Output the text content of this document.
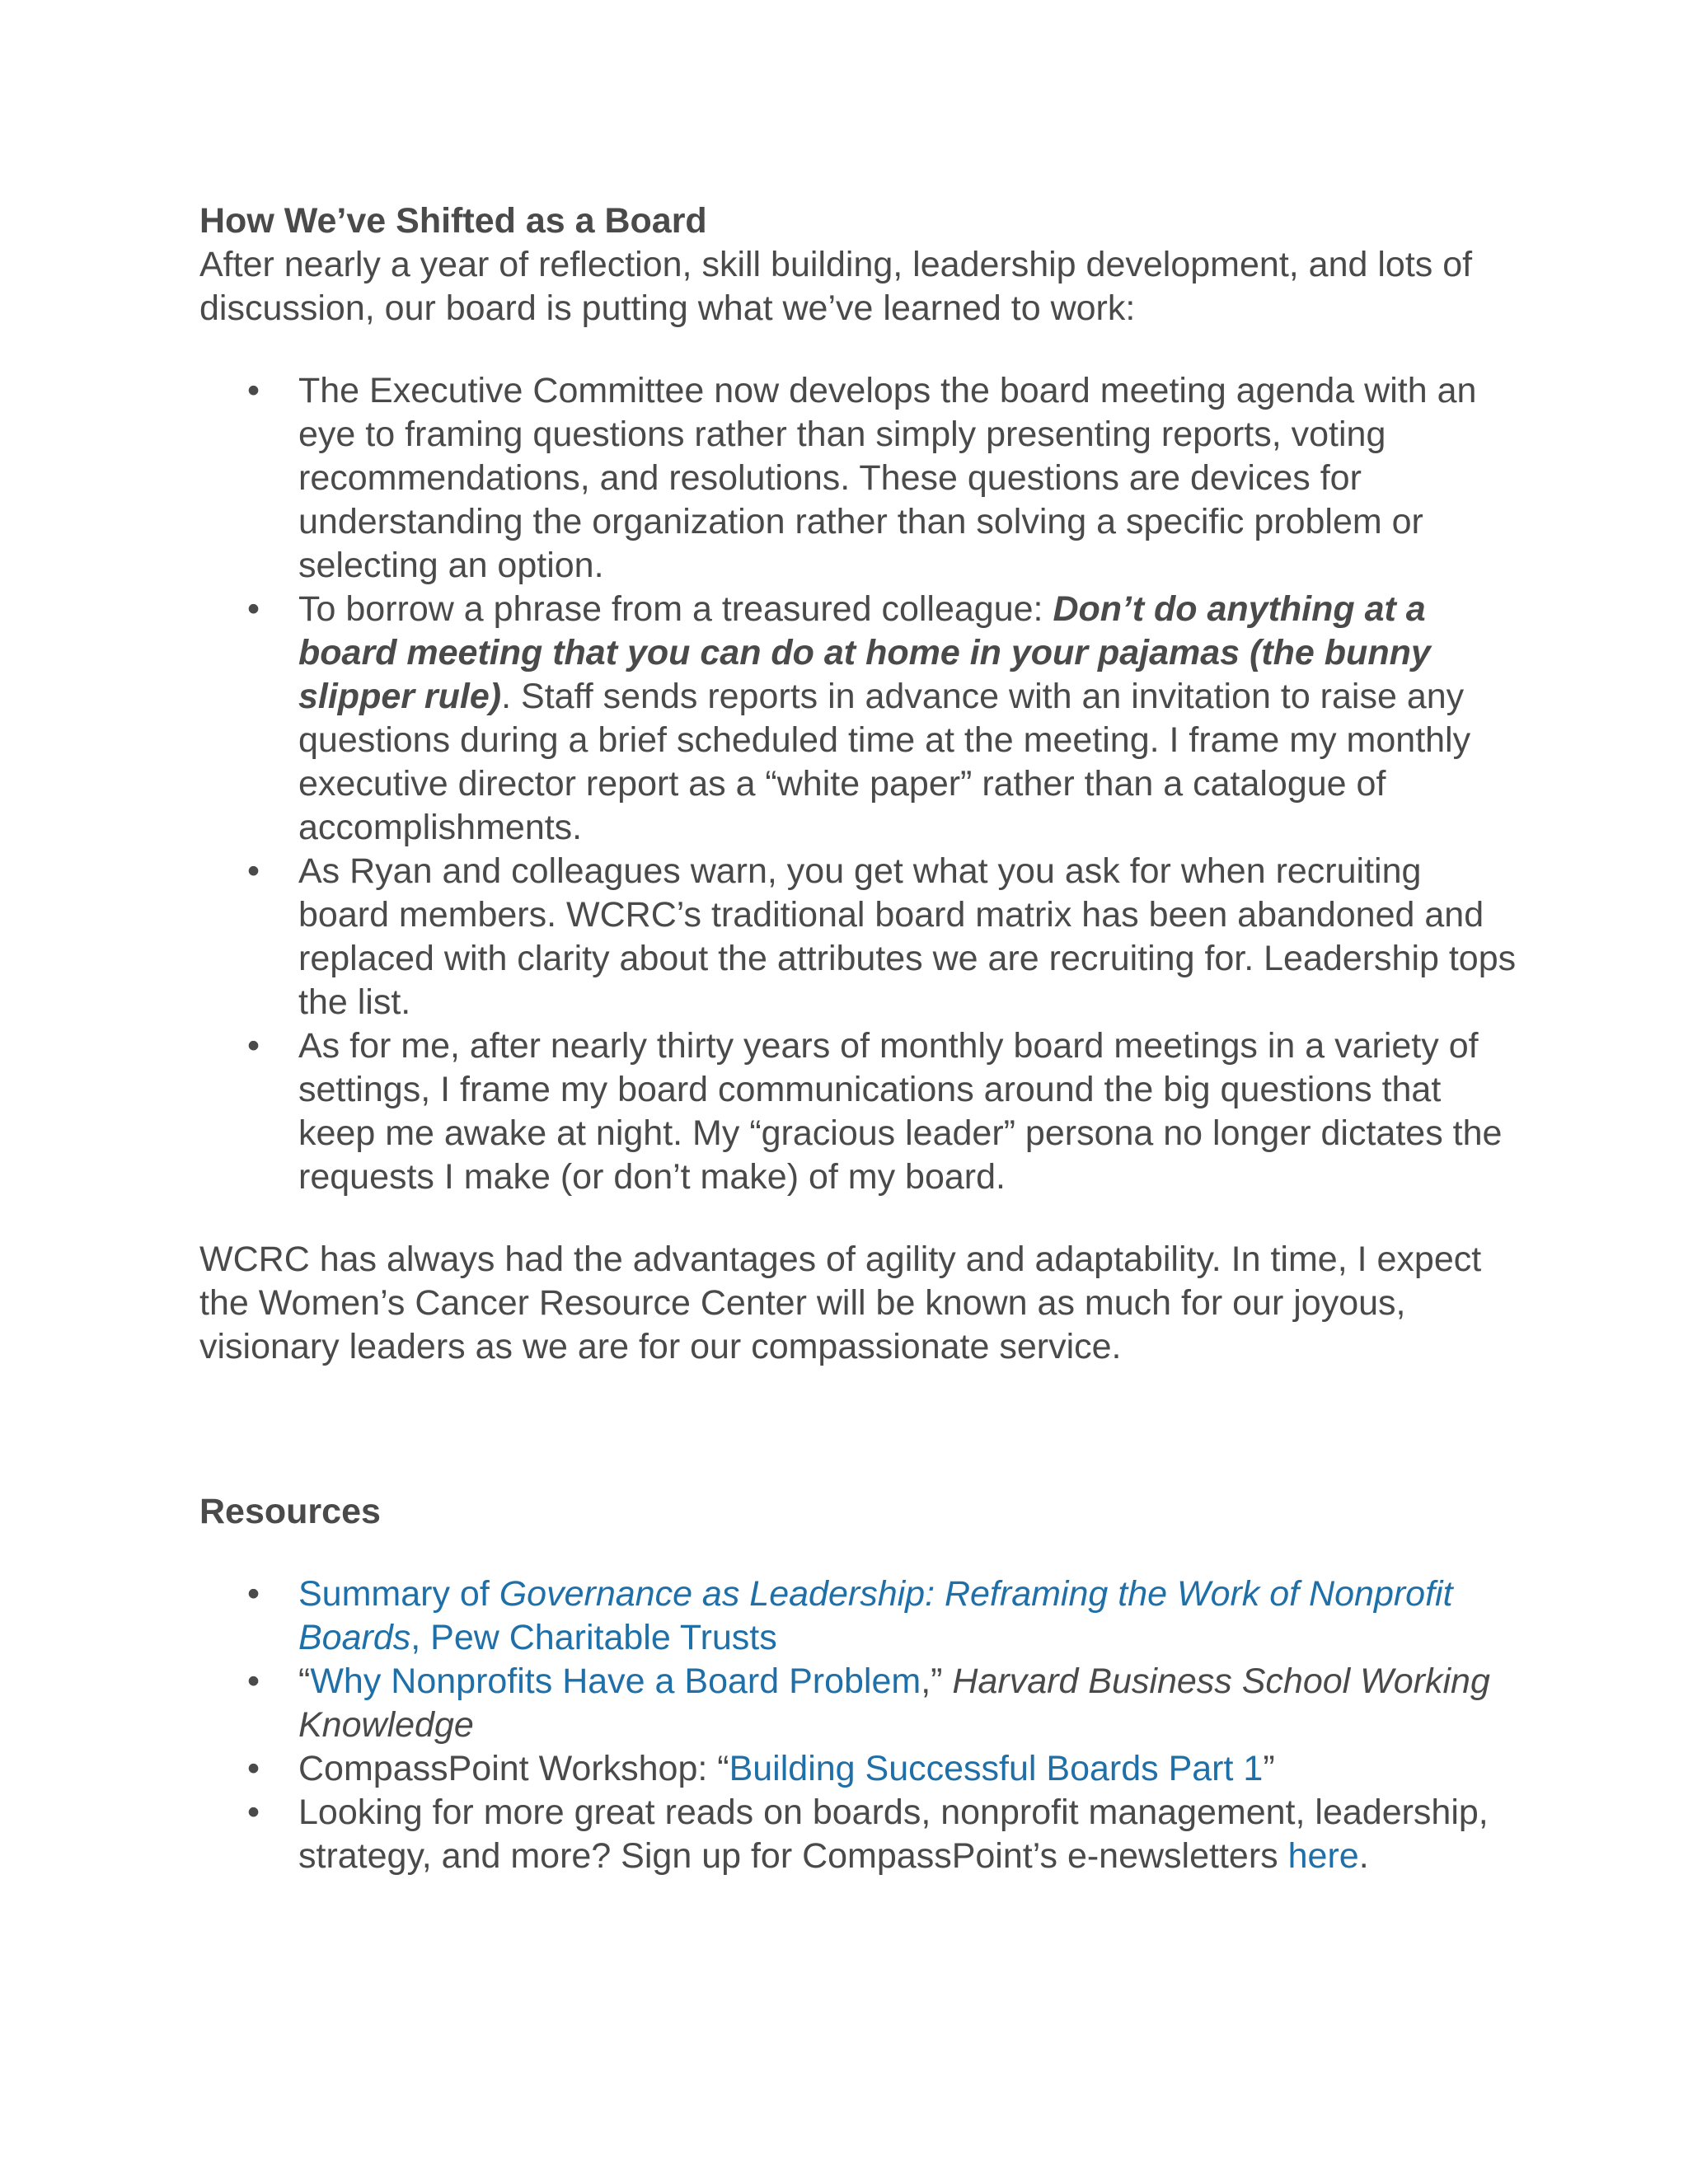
How We’ve Shifted as a Board

After nearly a year of reflection, skill building, leadership development, and lots of discussion, our board is putting what we’ve learned to work:

• The Executive Committee now develops the board meeting agenda with an eye to framing questions rather than simply presenting reports, voting recommendations, and resolutions. These questions are devices for understanding the organization rather than solving a specific problem or selecting an option.
• To borrow a phrase from a treasured colleague: Don’t do anything at a board meeting that you can do at home in your pajamas (the bunny slipper rule). Staff sends reports in advance with an invitation to raise any questions during a brief scheduled time at the meeting. I frame my monthly executive director report as a “white paper” rather than a catalogue of accomplishments.
• As Ryan and colleagues warn, you get what you ask for when recruiting board members. WCRC’s traditional board matrix has been abandoned and replaced with clarity about the attributes we are recruiting for. Leadership tops the list.
• As for me, after nearly thirty years of monthly board meetings in a variety of settings, I frame my board communications around the big questions that keep me awake at night. My “gracious leader” persona no longer dictates the requests I make (or don’t make) of my board.

WCRC has always had the advantages of agility and adaptability. In time, I expect the Women’s Cancer Resource Center will be known as much for our joyous, visionary leaders as we are for our compassionate service.

Resources

• Summary of Governance as Leadership: Reframing the Work of Nonprofit Boards, Pew Charitable Trusts
• “Why Nonprofits Have a Board Problem,” Harvard Business School Working Knowledge
• CompassPoint Workshop: “Building Successful Boards Part 1”
• Looking for more great reads on boards, nonprofit management, leadership, strategy, and more? Sign up for CompassPoint’s e-newsletters here.
